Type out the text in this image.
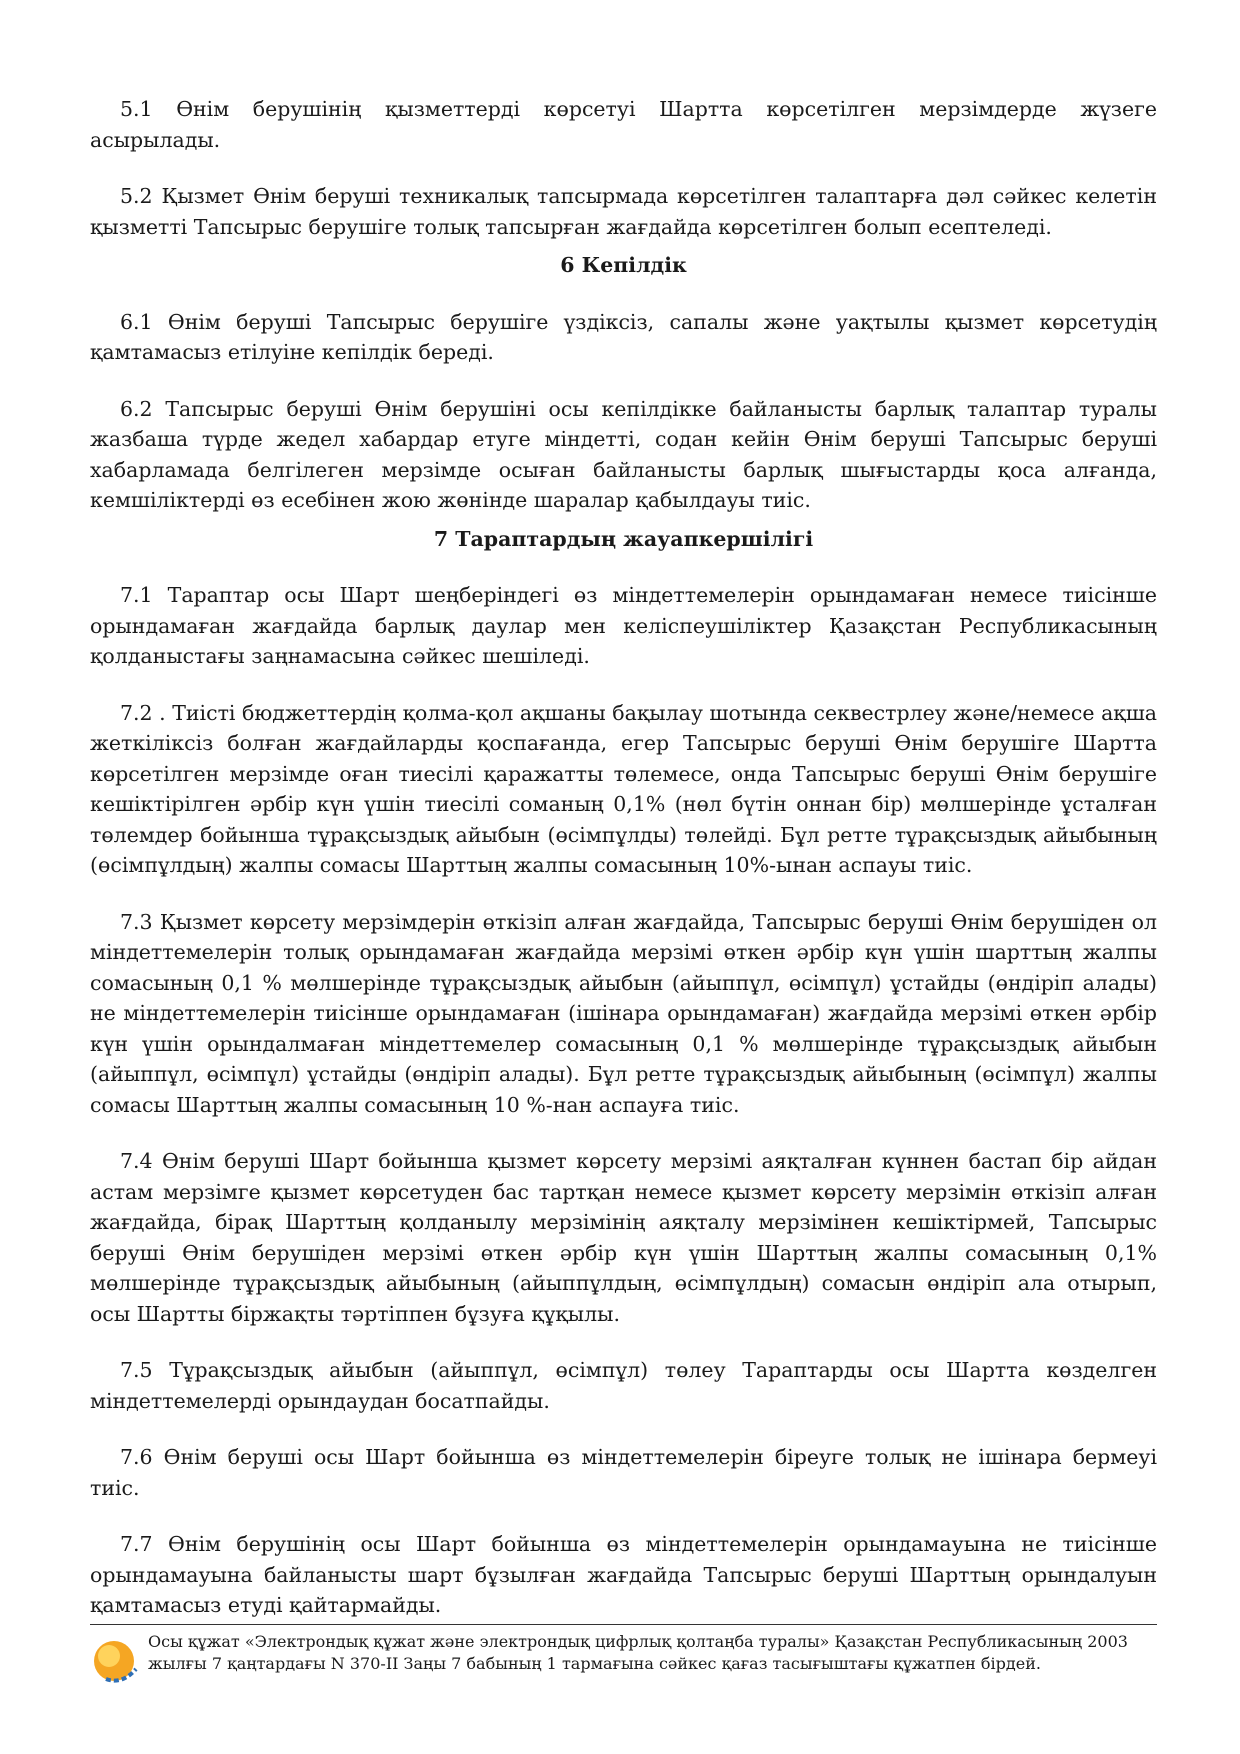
5.1 Өнім берушінің қызметтерді көрсетуі Шартта көрсетілген мерзімдерде жүзеге асырылады.

5.2 Қызмет Өнім беруші техникалық тапсырмада көрсетілген талаптарға дәл сәйкес келетін қызметті Тапсырыс берушіге толық тапсырған жағдайда көрсетілген болып есептеледі.

6 Кепілдік

6.1 Өнім беруші Тапсырыс берушіге үздіксіз, сапалы және уақтылы қызмет көрсетудің қамтамасыз етілуіне кепілдік береді.

6.2 Тапсырыс беруші Өнім берушіні осы кепілдікке байланысты барлық талаптар туралы жазбаша түрде жедел хабардар етуге міндетті, содан кейін Өнім беруші Тапсырыс беруші хабарламада белгілеген мерзімде осыған байланысты барлық шығыстарды қоса алғанда, кемшіліктерді өз есебінен жою жөнінде шаралар қабылдауы тиіс.

7 Тараптардың жауапкершілігі

7.1 Тараптар осы Шарт шеңберіндегі өз міндеттемелерін орындамаған немесе тиісінше орындамаған жағдайда барлық даулар мен келіспеушіліктер Қазақстан Республикасының қолданыстағы заңнамасына сәйкес шешіледі.

7.2 . Тиісті бюджеттердің қолма-қол ақшаны бақылау шотында секвестрлеу және/немесе ақша жеткіліксіз болған жағдайларды қоспағанда, егер Тапсырыс беруші Өнім берушіге Шартта көрсетілген мерзімде оған тиесілі қаражатты төлемесе, онда Тапсырыс беруші Өнім берушіге кешіктірілген әрбір күн үшін тиесілі соманың 0,1% (нөл бүтін оннан бір) мөлшерінде ұсталған төлемдер бойынша тұрақсыздық айыбын (өсімпұлды) төлейді. Бұл ретте тұрақсыздық айыбының (өсімпұлдың) жалпы сомасы Шарттың жалпы сомасының 10%-ынан аспауы тиіс.

7.3 Қызмет көрсету мерзімдерін өткізіп алған жағдайда, Тапсырыс беруші Өнім берушіден ол міндеттемелерін толық орындамаған жағдайда мерзімі өткен әрбір күн үшін шарттың жалпы сомасының 0,1 % мөлшерінде тұрақсыздық айыбын (айыппұл, өсімпұл) ұстайды (өндіріп алады) не міндеттемелерін тиісінше орындамаған (ішінара орындамаған) жағдайда мерзімі өткен әрбір күн үшін орындалмаған міндеттемелер сомасының 0,1 % мөлшерінде тұрақсыздық айыбын (айыппұл, өсімпұл) ұстайды (өндіріп алады). Бұл ретте тұрақсыздық айыбының (өсімпұл) жалпы сомасы Шарттың жалпы сомасының 10 %-нан аспауға тиіс.

7.4 Өнім беруші Шарт бойынша қызмет көрсету мерзімі аяқталған күннен бастап бір айдан астам мерзімге қызмет көрсетуден бас тартқан немесе қызмет көрсету мерзімін өткізіп алған жағдайда, бірақ Шарттың қолданылу мерзімінің аяқталу мерзімінен кешіктірмей, Тапсырыс беруші Өнім берушіден мерзімі өткен әрбір күн үшін Шарттың жалпы сомасының 0,1% мөлшерінде тұрақсыздық айыбының (айыппұлдың, өсімпұлдың) сомасын өндіріп ала отырып, осы Шартты біржақты тәртіппен бұзуға құқылы.

7.5 Тұрақсыздық айыбын (айыппұл, өсімпұл) төлеу Тараптарды осы Шартта көзделген міндеттемелерді орындаудан босатпайды.

7.6 Өнім беруші осы Шарт бойынша өз міндеттемелерін біреуге толық не ішінара бермеуі тиіс.

7.7 Өнім берушінің осы Шарт бойынша өз міндеттемелерін орындамауына не тиісінше орындамауына байланысты шарт бұзылған жағдайда Тапсырыс беруші Шарттың орындалуын қамтамасыз етуді қайтармайды.

Осы құжат «Электрондық құжат және электрондық цифрлық қолтаңба туралы» Қазақстан Республикасының 2003 жылғы 7 қаңтардағы N 370-II Заңы 7 бабының 1 тармағына сәйкес қағаз тасығыштағы құжатпен бірдей.
